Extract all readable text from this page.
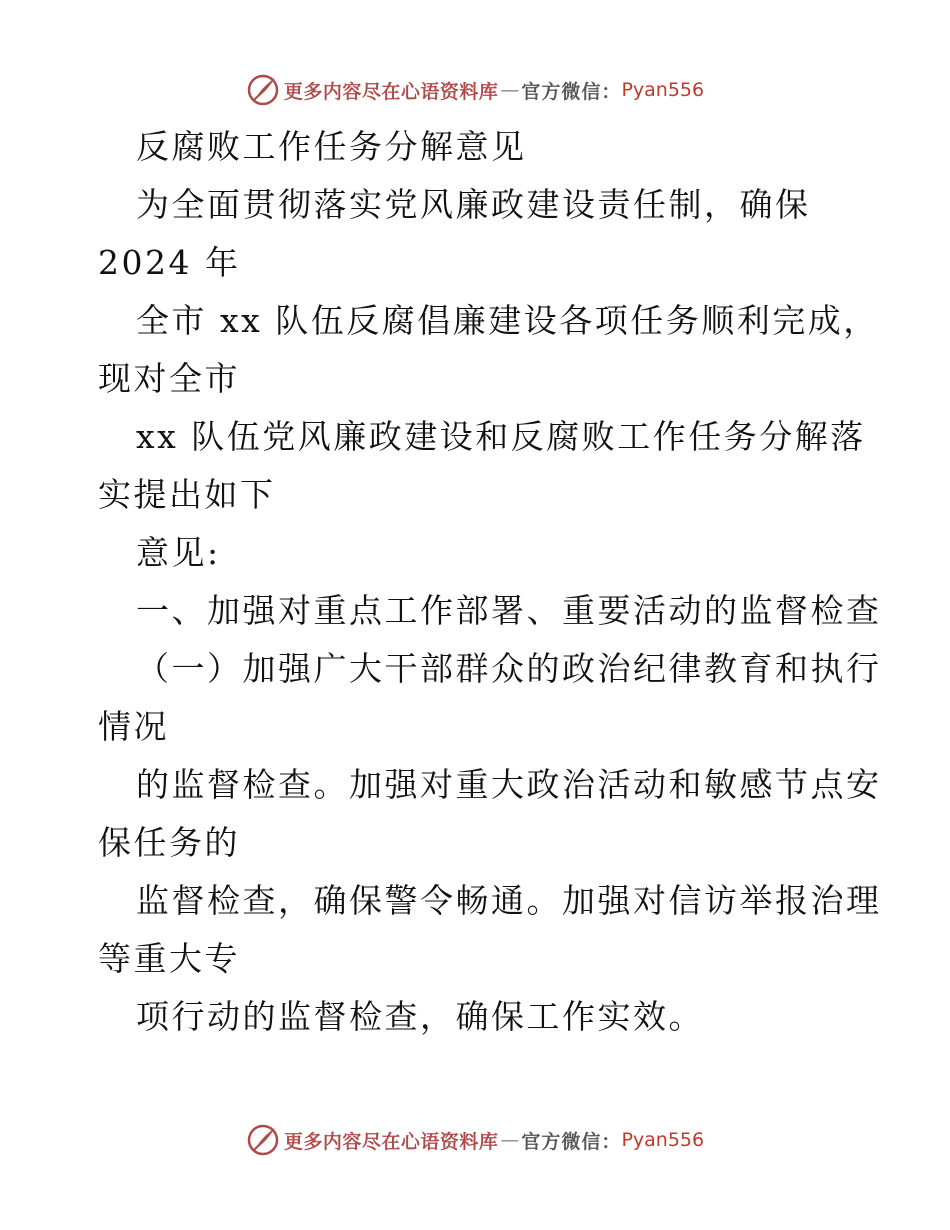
更多内容尽在心语资料库 — 官方微信： Pyan556

反腐败工作任务分解意见

为全面贯彻落实党风廉政建设责任制，确保

2024 年

全市 xx 队伍反腐倡廉建设各项任务顺利完成，

现对全市

xx 队伍党风廉政建设和反腐败工作任务分解落

实提出如下

意见:

一、加强对重点工作部署、重要活动的监督检查

（一）加强广大干部群众的政治纪律教育和执行

情况

的监督检查。加强对重大政治活动和敏感节点安

保任务的

监督检查，确保警令畅通。加强对信访举报治理

等重大专

项行动的监督检查，确保工作实效。

更多内容尽在心语资料库 — 官方微信： Pyan556
